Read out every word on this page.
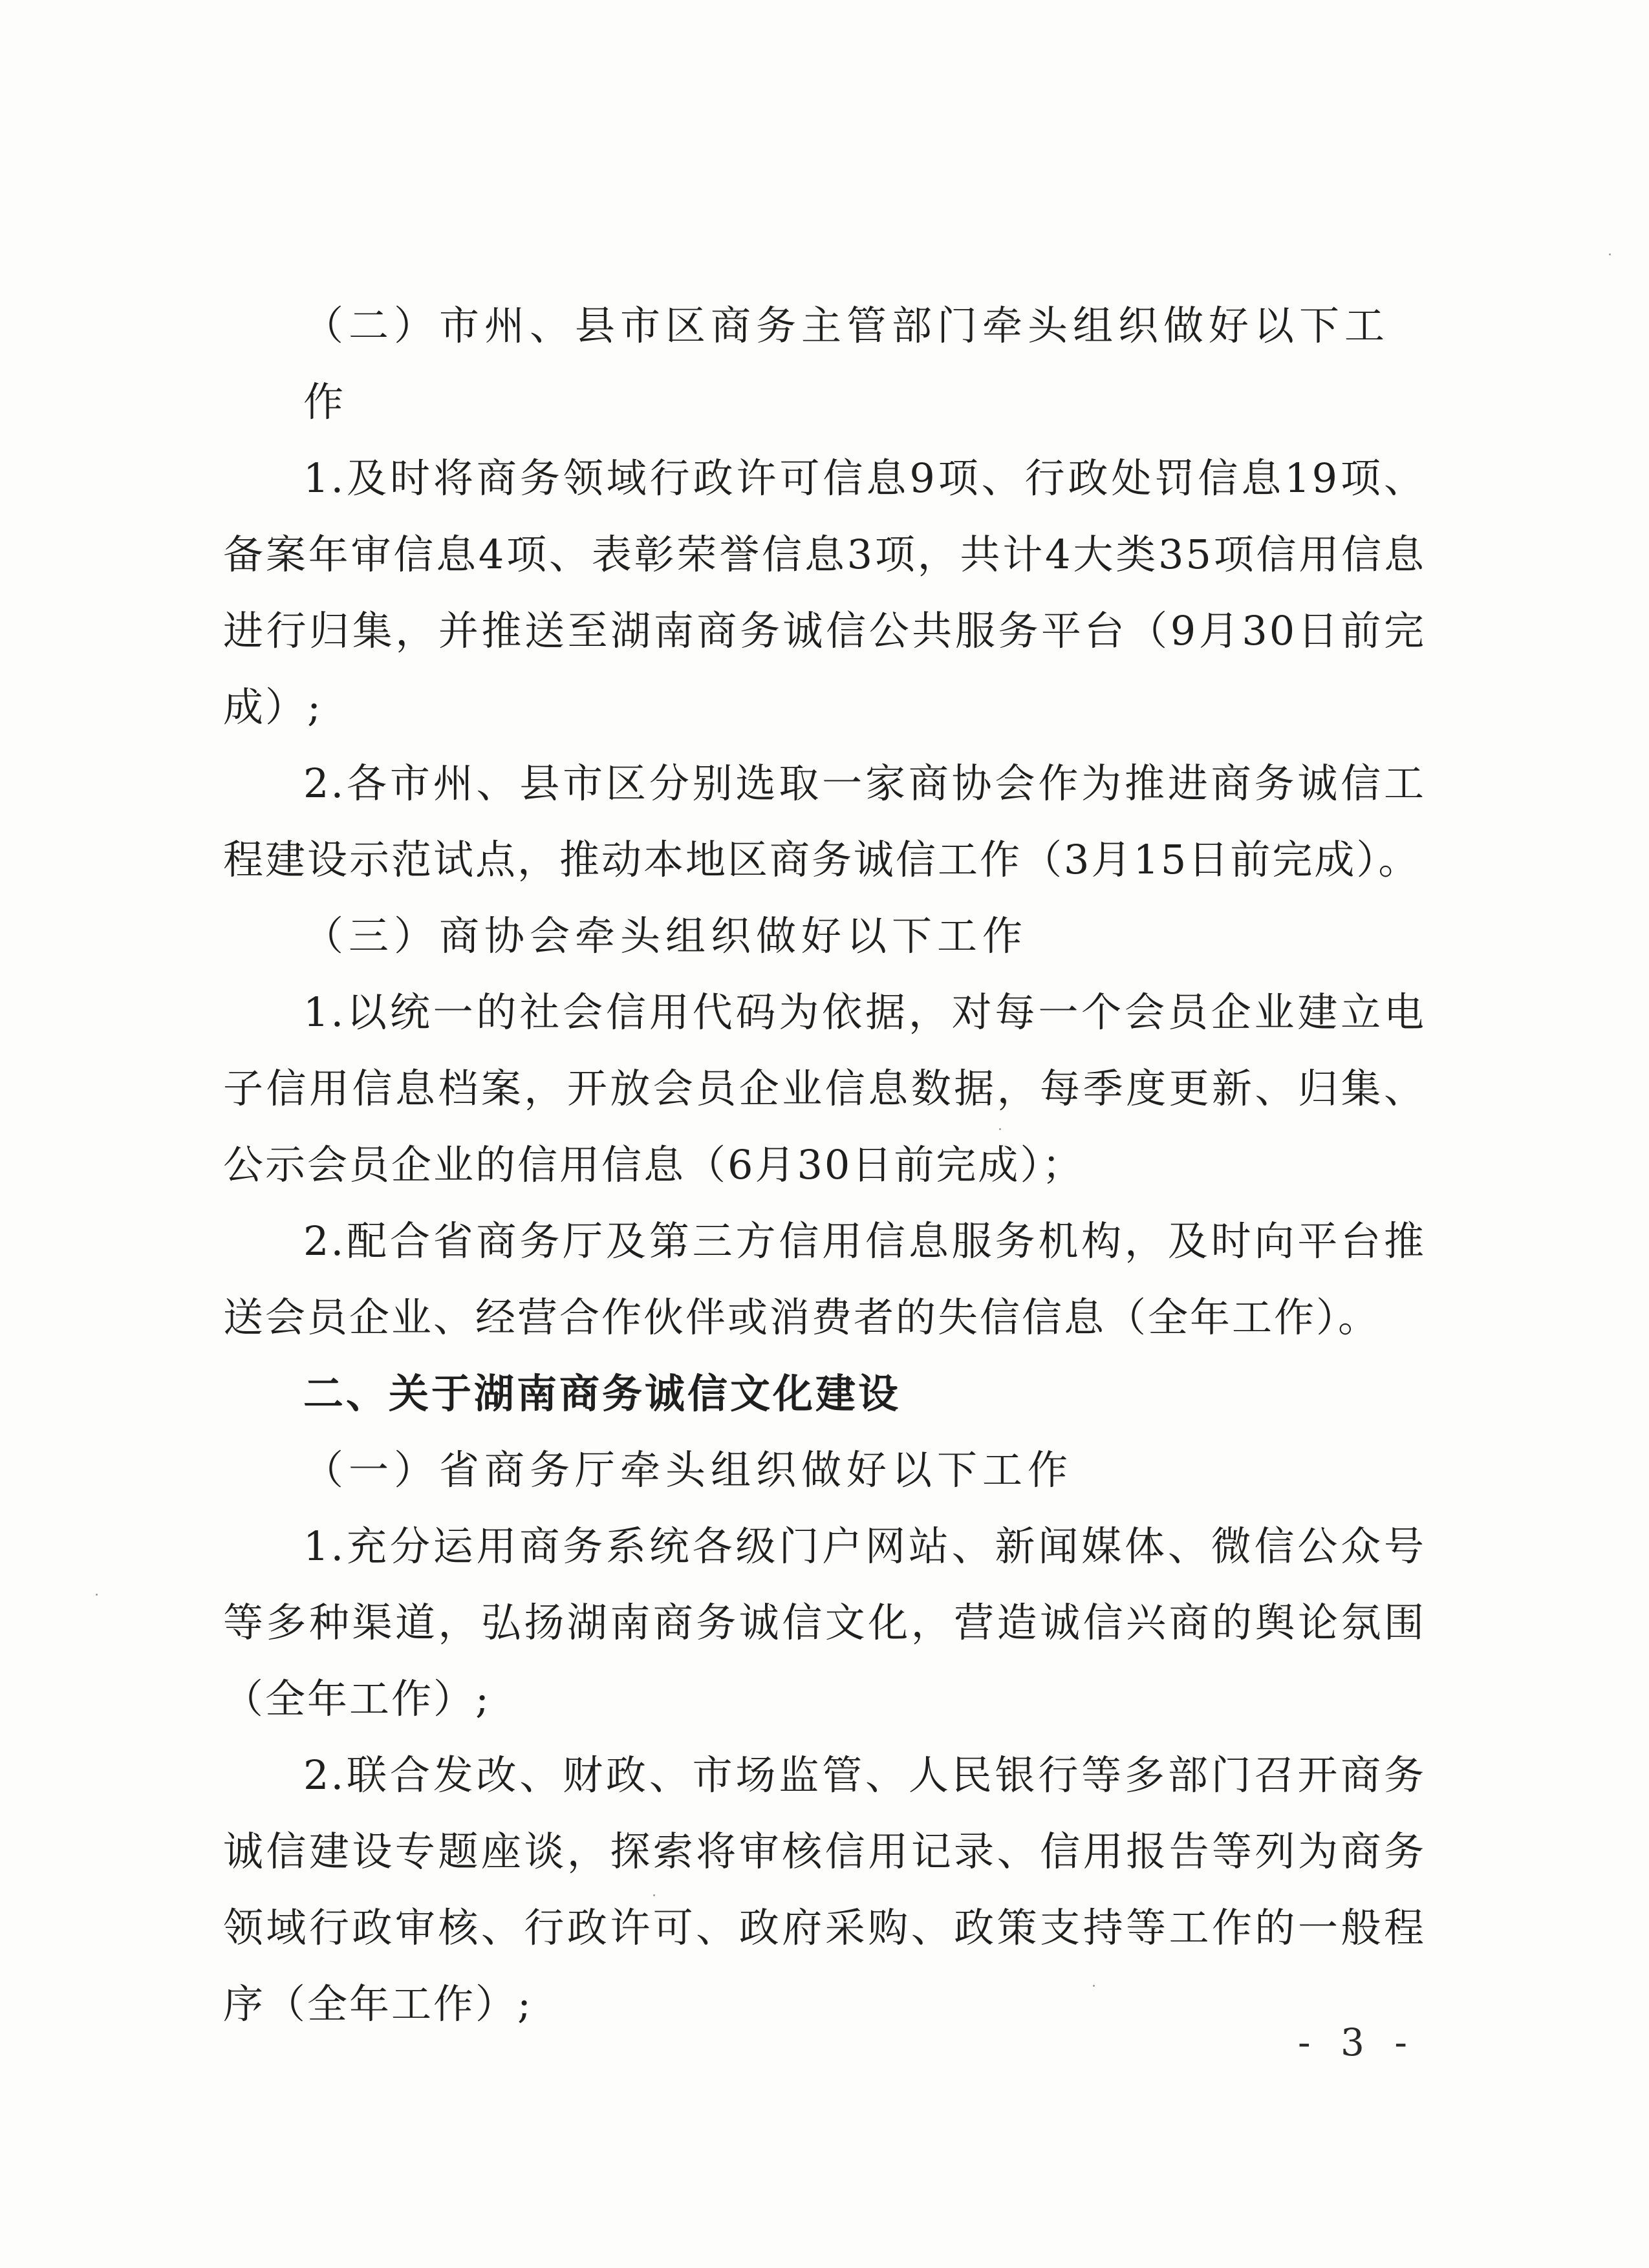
（二）市州、县市区商务主管部门牵头组织做好以下工作

1.及时将商务领域行政许可信息9项、行政处罚信息19项、备案年审信息4项、表彰荣誉信息3项，共计4大类35项信用信息进行归集，并推送至湖南商务诚信公共服务平台（9月30日前完成）;

2.各市州、县市区分别选取一家商协会作为推进商务诚信工程建设示范试点，推动本地区商务诚信工作（3月15日前完成）。

（三）商协会牵头组织做好以下工作

1.以统一的社会信用代码为依据，对每一个会员企业建立电子信用信息档案，开放会员企业信息数据，每季度更新、归集、公示会员企业的信用信息（6月30日前完成）；

2.配合省商务厅及第三方信用信息服务机构，及时向平台推送会员企业、经营合作伙伴或消费者的失信信息（全年工作）。

二、关于湖南商务诚信文化建设

（一）省商务厅牵头组织做好以下工作

1.充分运用商务系统各级门户网站、新闻媒体、微信公众号等多种渠道，弘扬湖南商务诚信文化，营造诚信兴商的舆论氛围（全年工作）;

2.联合发改、财政、市场监管、人民银行等多部门召开商务诚信建设专题座谈，探索将审核信用记录、信用报告等列为商务领域行政审核、行政许可、政府采购、政策支持等工作的一般程序（全年工作）;

- 3 -
